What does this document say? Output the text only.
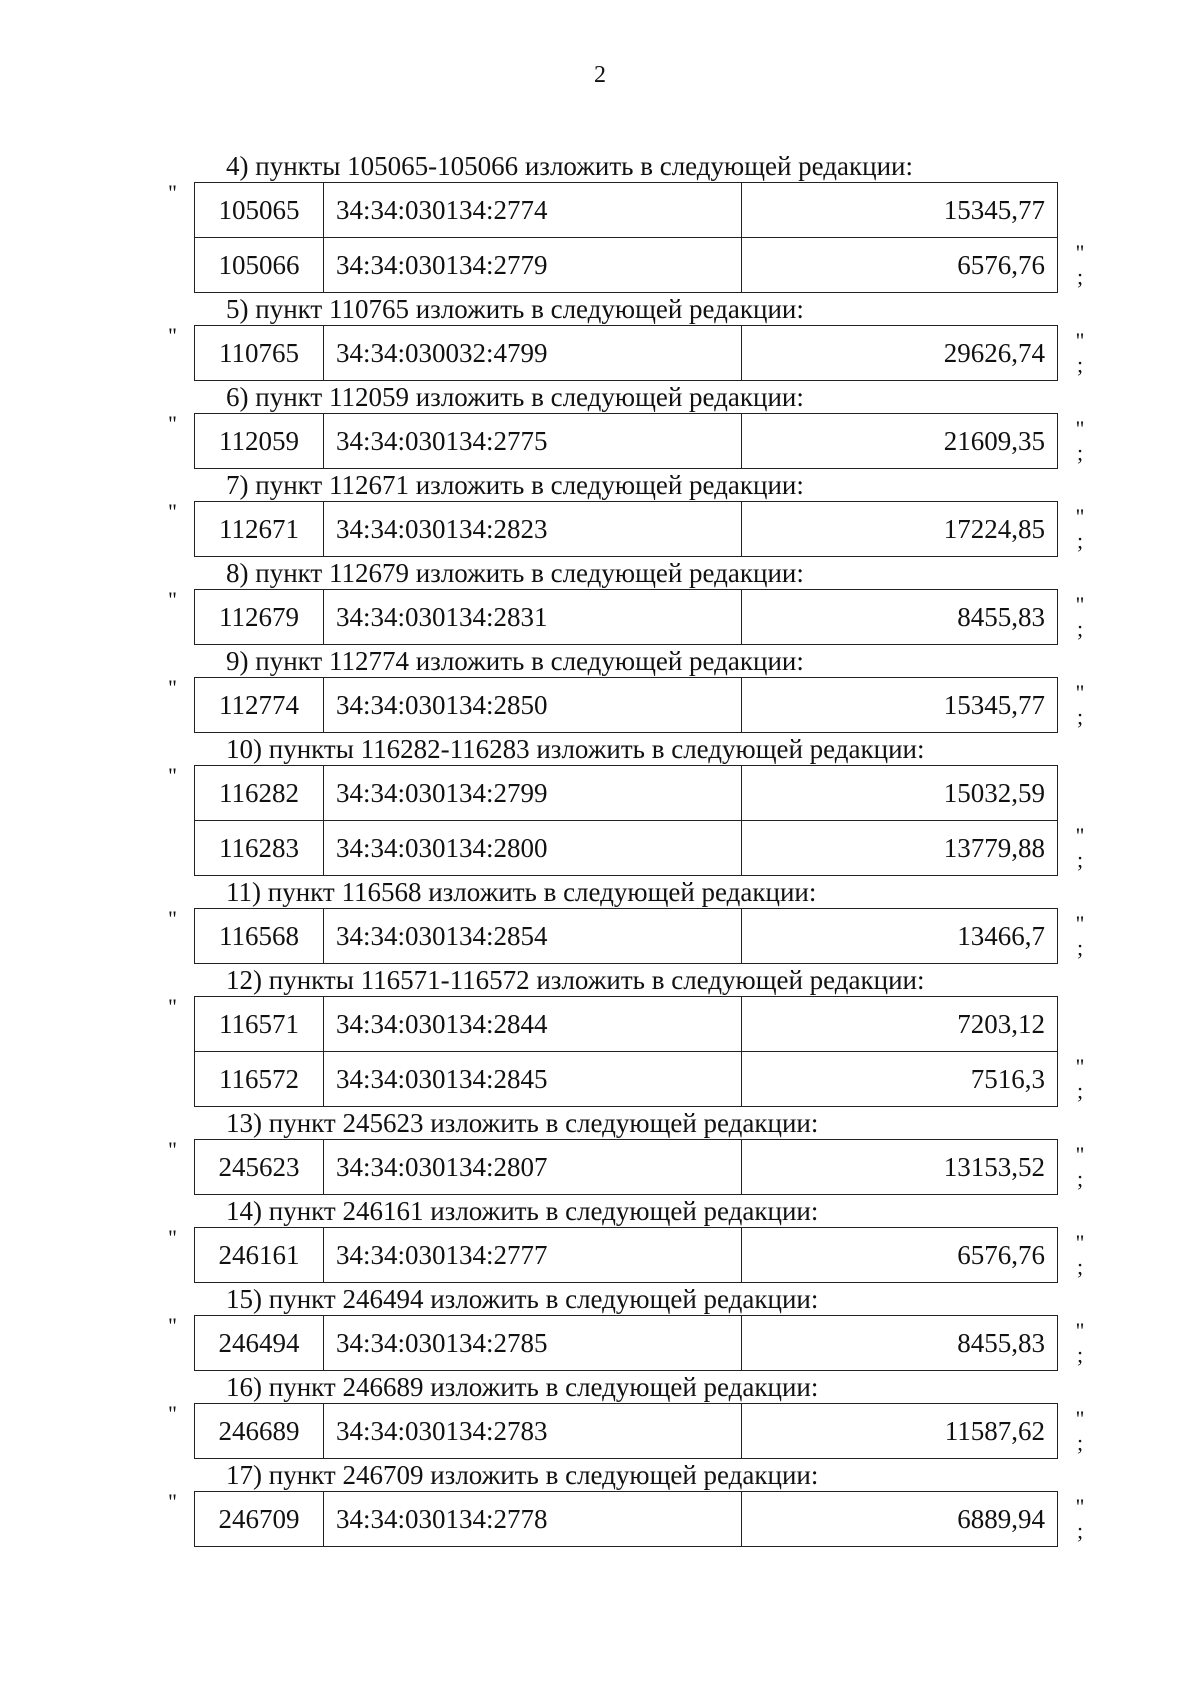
2
4) пункты 105065-105066 изложить в следующей редакции:
"
105065	34:34:030134:2774	15345,77
105066	34:34:030134:2779	6576,76 "
;
5) пункт 110765 изложить в следующей редакции:
"
110765	34:34:030032:4799	29626,74 "
;
6) пункт 112059 изложить в следующей редакции:
"
112059	34:34:030134:2775	21609,35 "
;
7) пункт 112671 изложить в следующей редакции:
"
112671	34:34:030134:2823	17224,85 "
;
8) пункт 112679 изложить в следующей редакции:
"
112679	34:34:030134:2831	8455,83 "
;
9) пункт 112774 изложить в следующей редакции:
"
112774	34:34:030134:2850	15345,77 "
;
10) пункты 116282-116283 изложить в следующей редакции:
"
116282	34:34:030134:2799	15032,59
116283	34:34:030134:2800	13779,88 "
;
11) пункт 116568 изложить в следующей редакции:
"
116568	34:34:030134:2854	13466,7 "
;
12) пункты 116571-116572 изложить в следующей редакции:
"
116571	34:34:030134:2844	7203,12
116572	34:34:030134:2845	7516,3 "
;
13) пункт 245623 изложить в следующей редакции:
"
245623	34:34:030134:2807	13153,52 "
;
14) пункт 246161 изложить в следующей редакции:
"
246161	34:34:030134:2777	6576,76 "
;
15) пункт 246494 изложить в следующей редакции:
"
246494	34:34:030134:2785	8455,83 "
;
16) пункт 246689 изложить в следующей редакции:
"
246689	34:34:030134:2783	11587,62 "
;
17) пункт 246709 изложить в следующей редакции:
"
246709	34:34:030134:2778	6889,94 "
;
